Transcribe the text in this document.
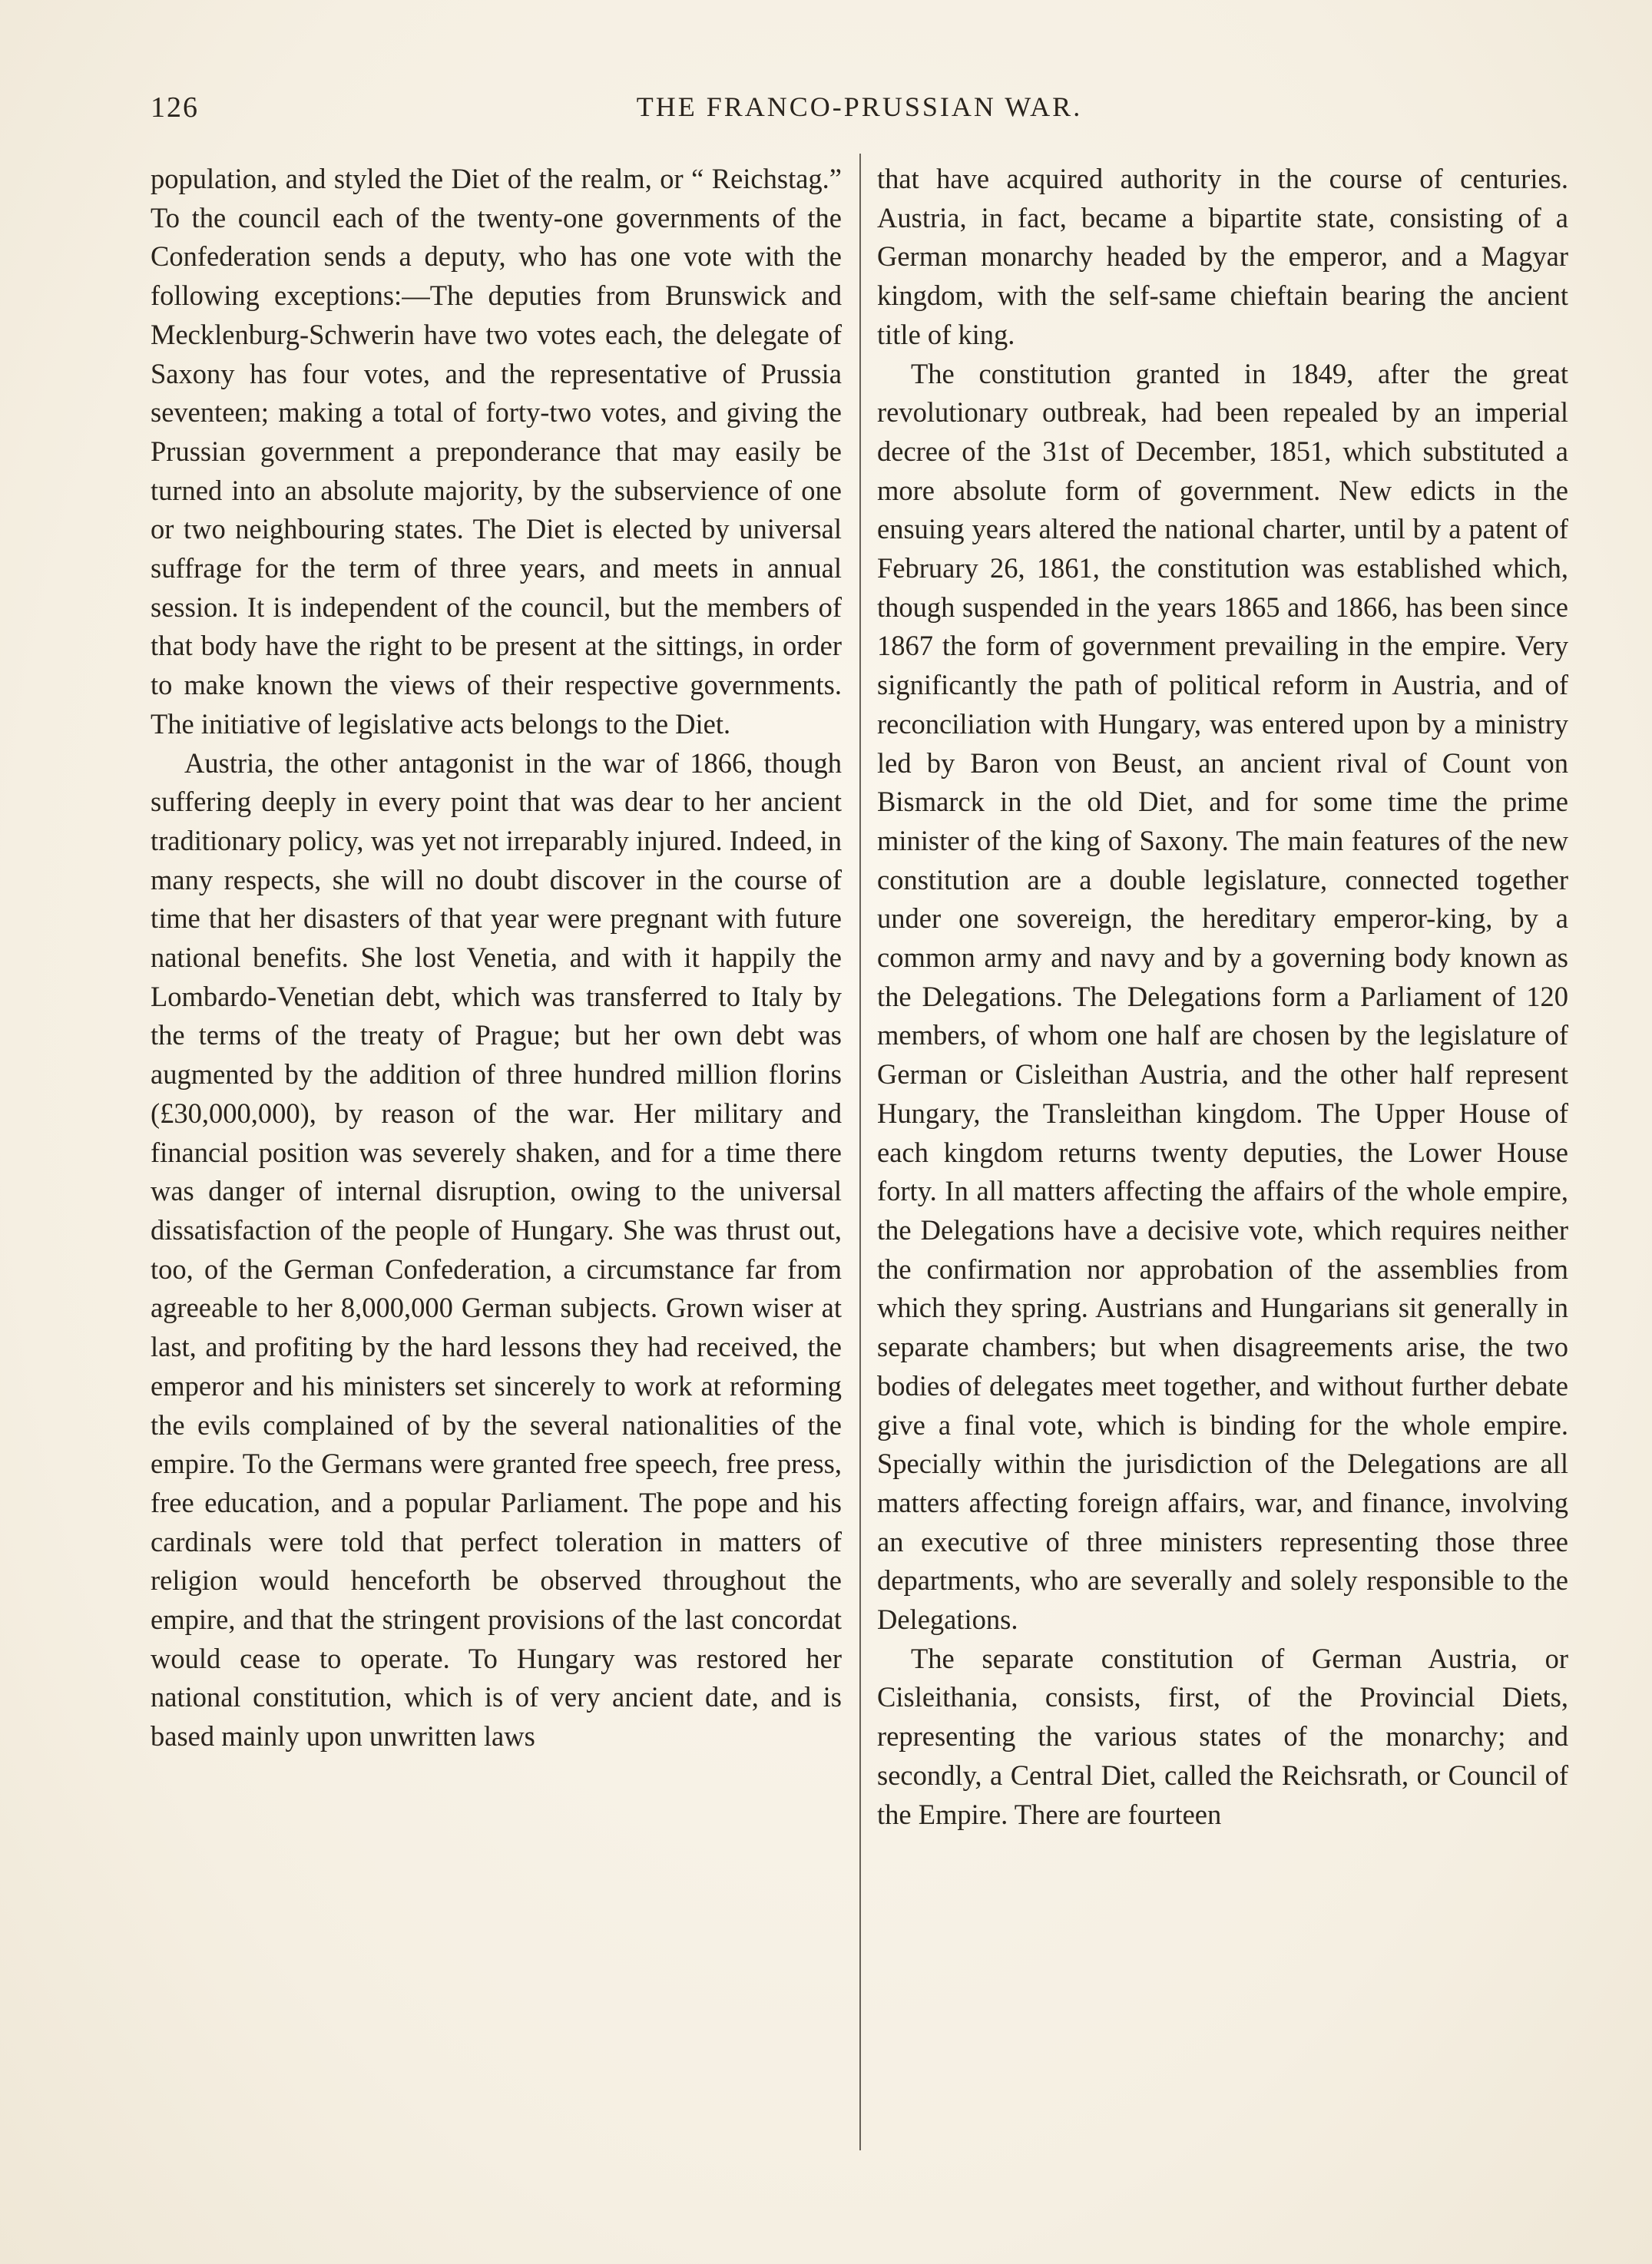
126	THE FRANCO-PRUSSIAN WAR.

population, and styled the Diet of the realm, or “ Reichstag.” To the council each of the twenty-one governments of the Confederation sends a deputy, who has one vote with the following exceptions:—The deputies from Brunswick and Mecklenburg-Schwerin have two votes each, the delegate of Saxony has four votes, and the representative of Prussia seventeen; making a total of forty-two votes, and giving the Prussian government a preponderance that may easily be turned into an absolute majority, by the subservience of one or two neighbouring states. The Diet is elected by universal suffrage for the term of three years, and meets in annual session. It is independent of the council, but the members of that body have the right to be present at the sittings, in order to make known the views of their respective governments. The initiative of legislative acts belongs to the Diet.

Austria, the other antagonist in the war of 1866, though suffering deeply in every point that was dear to her ancient traditionary policy, was yet not irreparably injured. Indeed, in many respects, she will no doubt discover in the course of time that her disasters of that year were pregnant with future national benefits. She lost Venetia, and with it happily the Lombardo-Venetian debt, which was transferred to Italy by the terms of the treaty of Prague; but her own debt was augmented by the addition of three hundred million florins (£30,000,000), by reason of the war. Her military and financial position was severely shaken, and for a time there was danger of internal disruption, owing to the universal dissatisfaction of the people of Hungary. She was thrust out, too, of the German Confederation, a circumstance far from agreeable to her 8,000,000 German subjects. Grown wiser at last, and profiting by the hard lessons they had received, the emperor and his ministers set sincerely to work at reforming the evils complained of by the several nationalities of the empire. To the Germans were granted free speech, free press, free education, and a popular Parliament. The pope and his cardinals were told that perfect toleration in matters of religion would henceforth be observed throughout the empire, and that the stringent provisions of the last concordat would cease to operate. To Hungary was restored her national constitution, which is of very ancient date, and is based mainly upon unwritten laws

that have acquired authority in the course of centuries. Austria, in fact, became a bipartite state, consisting of a German monarchy headed by the emperor, and a Magyar kingdom, with the self-same chieftain bearing the ancient title of king.

The constitution granted in 1849, after the great revolutionary outbreak, had been repealed by an imperial decree of the 31st of December, 1851, which substituted a more absolute form of government. New edicts in the ensuing years altered the national charter, until by a patent of February 26, 1861, the constitution was established which, though suspended in the years 1865 and 1866, has been since 1867 the form of government prevailing in the empire. Very significantly the path of political reform in Austria, and of reconciliation with Hungary, was entered upon by a ministry led by Baron von Beust, an ancient rival of Count von Bismarck in the old Diet, and for some time the prime minister of the king of Saxony. The main features of the new constitution are a double legislature, connected together under one sovereign, the hereditary emperor-king, by a common army and navy and by a governing body known as the Delegations. The Delegations form a Parliament of 120 members, of whom one half are chosen by the legislature of German or Cisleithan Austria, and the other half represent Hungary, the Transleithan kingdom. The Upper House of each kingdom returns twenty deputies, the Lower House forty. In all matters affecting the affairs of the whole empire, the Delegations have a decisive vote, which requires neither the confirmation nor approbation of the assemblies from which they spring. Austrians and Hungarians sit generally in separate chambers; but when disagreements arise, the two bodies of delegates meet together, and without further debate give a final vote, which is binding for the whole empire. Specially within the jurisdiction of the Delegations are all matters affecting foreign affairs, war, and finance, involving an executive of three ministers representing those three departments, who are severally and solely responsible to the Delegations.

The separate constitution of German Austria, or Cisleithania, consists, first, of the Provincial Diets, representing the various states of the monarchy; and secondly, a Central Diet, called the Reichsrath, or Council of the Empire. There are fourteen
